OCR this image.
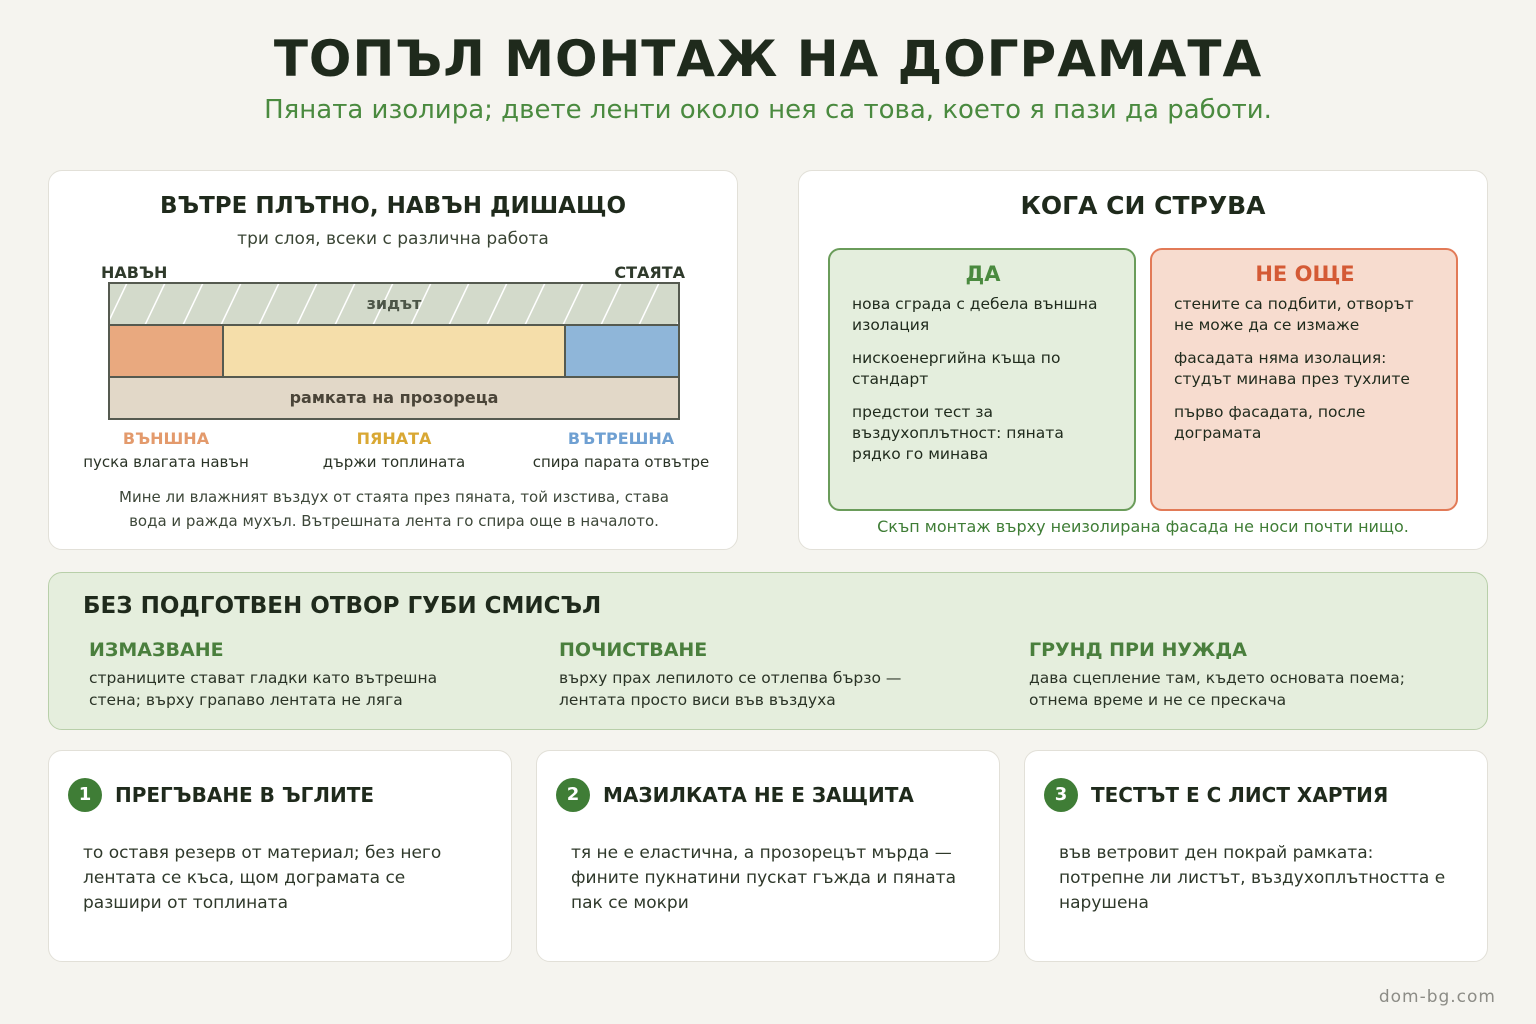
ТОПЪЛ МОНТАЖ НА ДОГРАМАТА
Пяната изолира; двете ленти около нея са това, което я пази да работи.
ВЪТРЕ ПЛЪТНО, НАВЪН ДИШАЩО
три слоя, всеки с различна работа
НАВЪН	СТАЯТА
зидът
рамката на прозореца
ВЪНШНА
пуска влагата навън
ПЯНАТА
държи топлината
ВЪТРЕШНА
спира парата отвътре
Мине ли влажният въздух от стаята през пяната, той изстива, става вода и ражда мухъл. Вътрешната лента го спира още в началото.
КОГА СИ СТРУВА
ДА
нова сграда с дебела външна изолация
нискоенергийна къща по стандарт
предстои тест за въздухоплътност: пяната рядко го минава
НЕ ОЩЕ
стените са подбити, отворът не може да се измаже
фасадата няма изолация: студът минава през тухлите
първо фасадата, после дограмата
Скъп монтаж върху неизолирана фасада не носи почти нищо.
БЕЗ ПОДГОТВЕН ОТВОР ГУБИ СМИСЪЛ
ИЗМАЗВАНЕ
страниците стават гладки като вътрешна стена; върху грапаво лентата не ляга
ПОЧИСТВАНЕ
върху прах лепилото се отлепва бързо — лентата просто виси във въздуха
ГРУНД ПРИ НУЖДА
дава сцепление там, където основата поема; отнема време и не се прескача
1	ПРЕГЪВАНЕ В ЪГЛИТЕ
то оставя резерв от материал; без него лентата се къса, щом дограмата се разшири от топлината
2	МАЗИЛКАТА НЕ Е ЗАЩИТА
тя не е еластична, а прозорецът мърда — фините пукнатини пускат гъжда и пяната пак се мокри
3	ТЕСТЪТ Е С ЛИСТ ХАРТИЯ
във ветровит ден покрай рамката: потрепне ли листът, въздухоплътността е нарушена
dom-bg.com
